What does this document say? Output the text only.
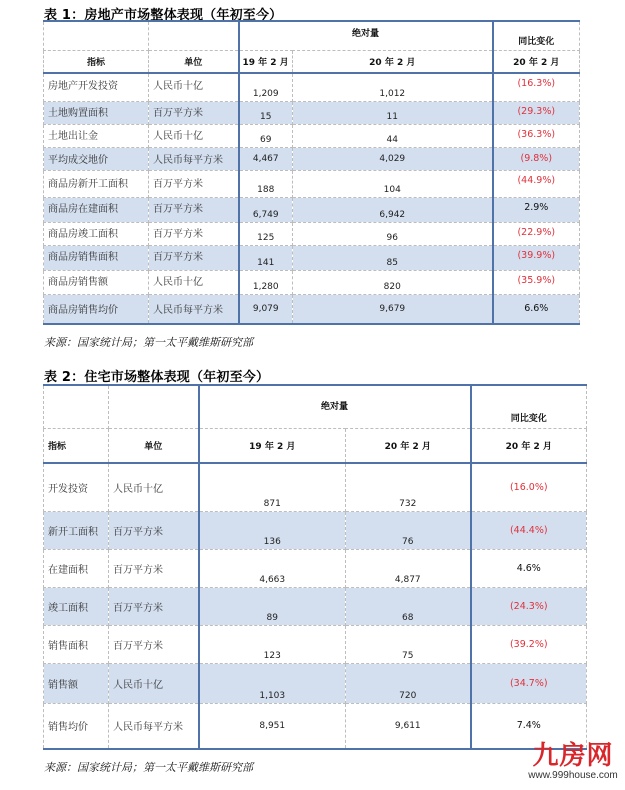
表 1：房地产市场整体表现（年初至今）
		绝对量		同比变化
指标	单位	19 年 2 月	20 年 2 月	20 年 2 月
房地产开发投资	人民币十亿	1,209	1,012	(16.3%)
土地购置面积	百万平方米	15	11	(29.3%)
土地出让金	人民币十亿	69	44	(36.3%)
平均成交地价	人民币每平方米	4,467	4,029	(9.8%)
商品房新开工面积	百万平方米	188	104	(44.9%)
商品房在建面积	百万平方米	6,749	6,942	2.9%
商品房竣工面积	百万平方米	125	96	(22.9%)
商品房销售面积	百万平方米	141	85	(39.9%)
商品房销售额	人民币十亿	1,280	820	(35.9%)
商品房销售均价	人民币每平方米	9,079	9,679	6.6%
来源：国家统计局；第一太平戴维斯研究部
表 2：住宅市场整体表现（年初至今）
		绝对量		同比变化
指标	单位	19 年 2 月	20 年 2 月	20 年 2 月
开发投资	人民币十亿	871	732	(16.0%)
新开工面积	百万平方米	136	76	(44.4%)
在建面积	百万平方米	4,663	4,877	4.6%
竣工面积	百万平方米	89	68	(24.3%)
销售面积	百万平方米	123	75	(39.2%)
销售额	人民币十亿	1,103	720	(34.7%)
销售均价	人民币每平方米	8,951	9,611	7.4%
来源：国家统计局；第一太平戴维斯研究部	九房网
www.999house.com
